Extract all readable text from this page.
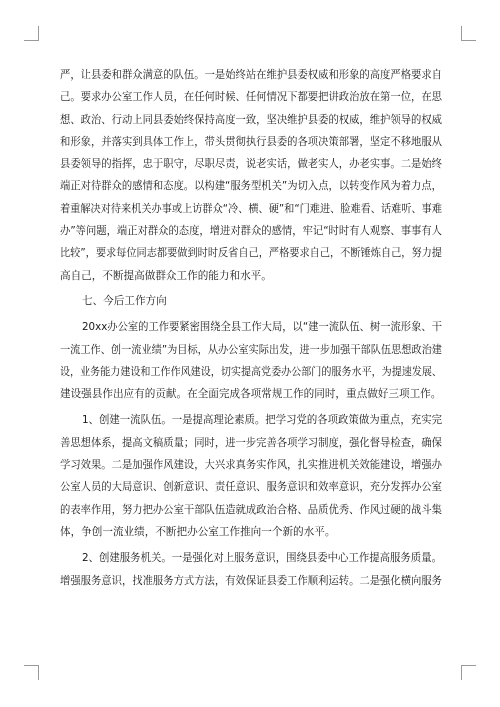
严，让县委和群众满意的队伍。一是始终站在维护县委权威和形象的高度严格要求自
己。要求办公室工作人员，在任何时候、任何情况下都要把讲政治放在第一位，在思
想、政治、行动上同县委始终保持高度一致，坚决维护县委的权威，维护领导的权威
和形象，并落实到具体工作上，带头贯彻执行县委的各项决策部署，坚定不移地服从
县委领导的指挥，忠于职守，尽职尽责，说老实话，做老实人，办老实事。二是始终
端正对待群众的感情和态度。以构建“服务型机关”为切入点，以转变作风为着力点，
着重解决对待来机关办事或上访群众“冷、横、硬”和“门难进、脸难看、话难听、事难
办”等问题，端正对群众的态度，增进对群众的感情，牢记“时时有人观察、事事有人
比较”，要求每位同志都要做到时时反省自己，严格要求自己，不断锤炼自己，努力提
高自己，不断提高做群众工作的能力和水平。
七、今后工作方向
20xx办公室的工作要紧密围绕全县工作大局，以“建一流队伍、树一流形象、干
一流工作、创一流业绩”为目标，从办公室实际出发，进一步加强干部队伍思想政治建
设，业务能力建设和工作作风建设，切实提高党委办公部门的服务水平，为提速发展、
建设强县作出应有的贡献。在全面完成各项常规工作的同时，重点做好三项工作。
1、创建一流队伍。一是提高理论素质。把学习党的各项政策做为重点，充实完
善思想体系，提高文稿质量；同时，进一步完善各项学习制度，强化督导检查，确保
学习效果。二是加强作风建设，大兴求真务实作风，扎实推进机关效能建设，增强办
公室人员的大局意识、创新意识、责任意识、服务意识和效率意识，充分发挥办公室
的表率作用，努力把办公室干部队伍造就成政治合格、品质优秀、作风过硬的战斗集
体，争创一流业绩，不断把办公室工作推向一个新的水平。
2、创建服务机关。一是强化对上服务意识，围绕县委中心工作提高服务质量。
增强服务意识，找准服务方式方法，有效保证县委工作顺利运转。二是强化横向服务
